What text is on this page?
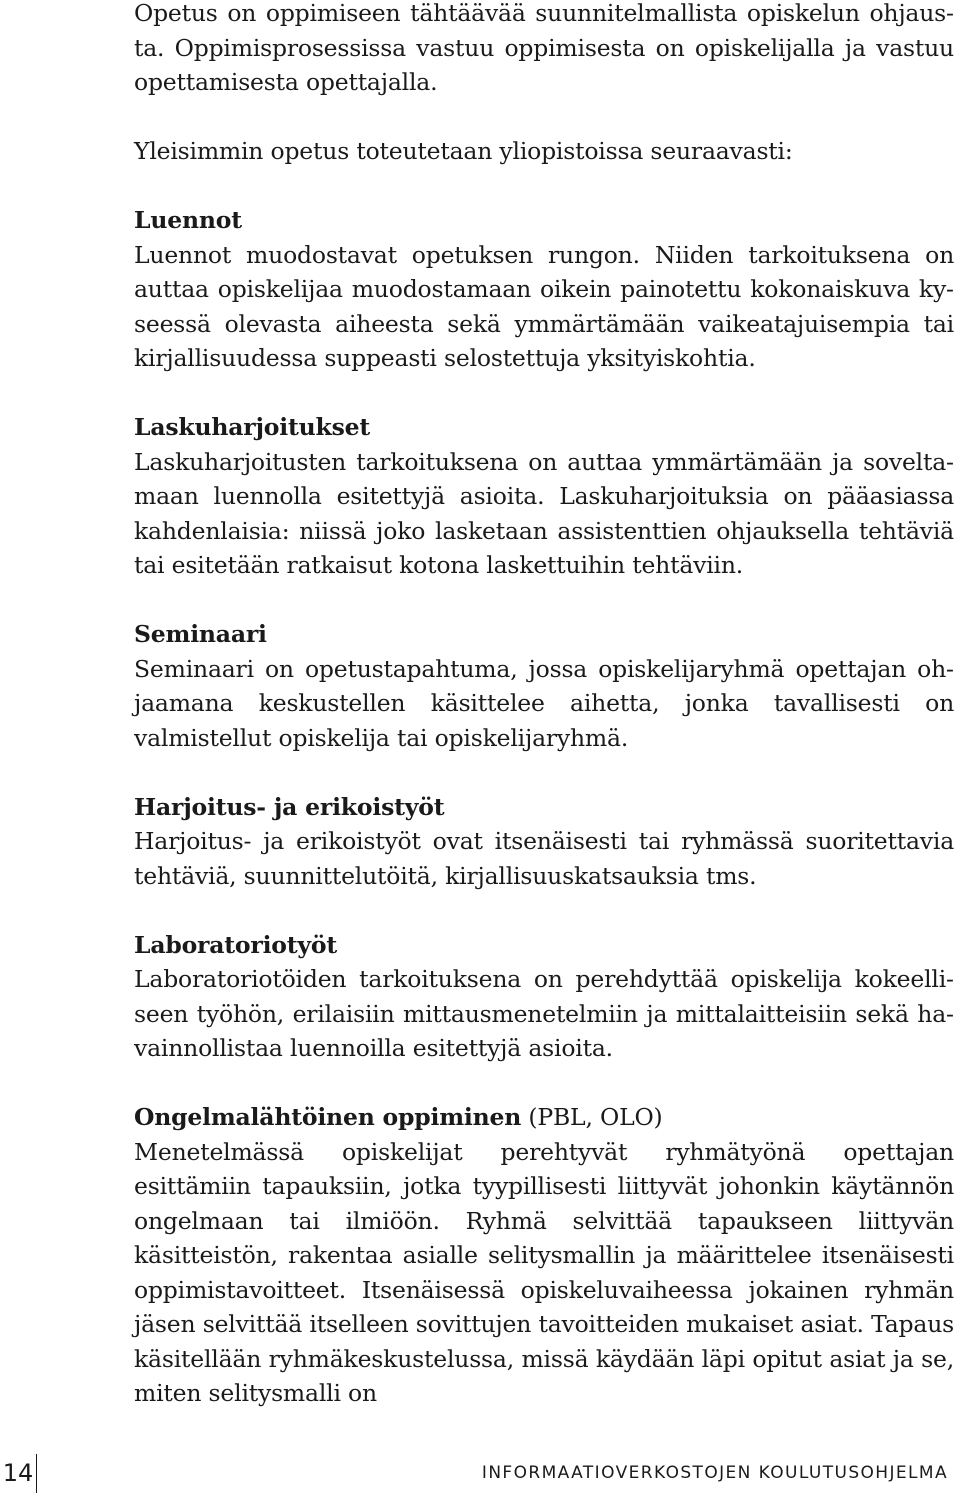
Opetus on oppimiseen tähtäävää suunnitelmallista opiskelun ohjausta. Oppimisprosessissa vastuu oppimisesta on opiskelijalla ja vastuu opettamisesta opettajalla.

Yleisimmin opetus toteutetaan yliopistoissa seuraavasti:

Luennot

Luennot muodostavat opetuksen rungon. Niiden tarkoituksena on auttaa opiskelijaa muodostamaan oikein painotettu kokonaiskuva kyseessä olevasta aiheesta sekä ymmärtämään vaikeatajuisempia tai kirjallisuudessa suppeasti selostettuja yksityiskohtia.

Laskuharjoitukset

Laskuharjoitusten tarkoituksena on auttaa ymmärtämään ja soveltamaan luennolla esitettyjä asioita. Laskuharjoituksia on pääasiassa kahdenlaisia: niissä joko lasketaan assistenttien ohjauksella tehtäviä tai esitetään ratkaisut kotona laskettuihin tehtäviin.

Seminaari

Seminaari on opetustapahtuma, jossa opiskelijaryhmä opettajan ohjaamana keskustellen käsittelee aihetta, jonka tavallisesti on valmistellut opiskelija tai opiskelijaryhmä.

Harjoitus- ja erikoistyöt

Harjoitus- ja erikoistyöt ovat itsenäisesti tai ryhmässä suoritettavia tehtäviä, suunnittelutöitä, kirjallisuuskatsauksia tms.

Laboratoriotyöt

Laboratoriotöiden tarkoituksena on perehdyttää opiskelija kokeelliseen työhön, erilaisiin mittausmenetelmiin ja mittalaitteisiin sekä havainnollistaa luennoilla esitettyjä asioita.

Ongelmalähtöinen oppiminen (PBL, OLO)

Menetelmässä opiskelijat perehtyvät ryhmätyönä opettajan esittämiin tapauksiin, jotka tyypillisesti liittyvät johonkin käytännön ongelmaan tai ilmiöön. Ryhmä selvittää tapaukseen liittyvän käsitteistön, rakentaa asialle selitysmallin ja määrittelee itsenäisesti oppimistavoitteet. Itsenäisessä opiskeluvaiheessa jokainen ryhmän jäsen selvittää itselleen sovittujen tavoitteiden mukaiset asiat. Tapaus käsitellään ryhmäkeskustelussa, missä käydään läpi opitut asiat ja se, miten selitysmalli on

14	INFORMAATIOVERKOSTOJEN KOULUTUSOHJELMA
